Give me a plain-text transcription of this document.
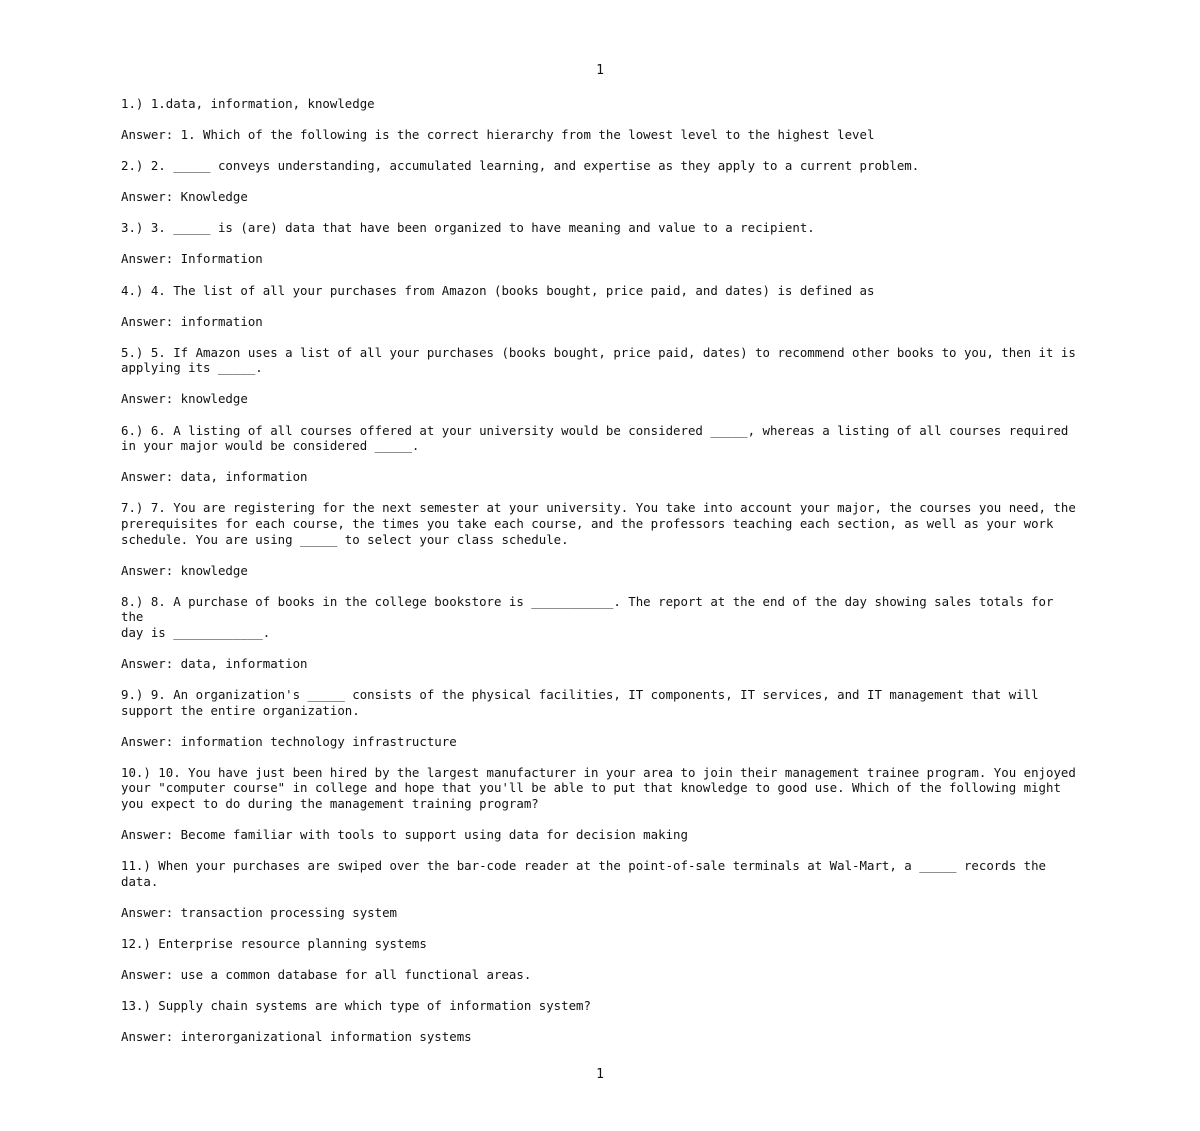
1

1.) 1.data, information, knowledge

Answer: 1. Which of the following is the correct hierarchy from the lowest level to the highest level

2.) 2. _____ conveys understanding, accumulated learning, and expertise as they apply to a current problem.

Answer: Knowledge

3.) 3. _____ is (are) data that have been organized to have meaning and value to a recipient.

Answer: Information

4.) 4. The list of all your purchases from Amazon (books bought, price paid, and dates) is defined as

Answer: information

5.) 5. If Amazon uses a list of all your purchases (books bought, price paid, dates) to recommend other books to you, then it is
applying its _____.

Answer: knowledge

6.) 6. A listing of all courses offered at your university would be considered _____, whereas a listing of all courses required
in your major would be considered _____.

Answer: data, information

7.) 7. You are registering for the next semester at your university. You take into account your major, the courses you need, the
prerequisites for each course, the times you take each course, and the professors teaching each section, as well as your work
schedule. You are using _____ to select your class schedule.

Answer: knowledge

8.) 8. A purchase of books in the college bookstore is ___________. The report at the end of the day showing sales totals for the
day is ____________.

Answer: data, information

9.) 9. An organization's _____ consists of the physical facilities, IT components, IT services, and IT management that will
support the entire organization.

Answer: information technology infrastructure

10.) 10. You have just been hired by the largest manufacturer in your area to join their management trainee program. You enjoyed
your "computer course" in college and hope that you'll be able to put that knowledge to good use. Which of the following might
you expect to do during the management training program?

Answer: Become familiar with tools to support using data for decision making

11.) When your purchases are swiped over the bar-code reader at the point-of-sale terminals at Wal-Mart, a _____ records the
data.

Answer: transaction processing system

12.) Enterprise resource planning systems

Answer: use a common database for all functional areas.

13.) Supply chain systems are which type of information system?

Answer: interorganizational information systems

1
